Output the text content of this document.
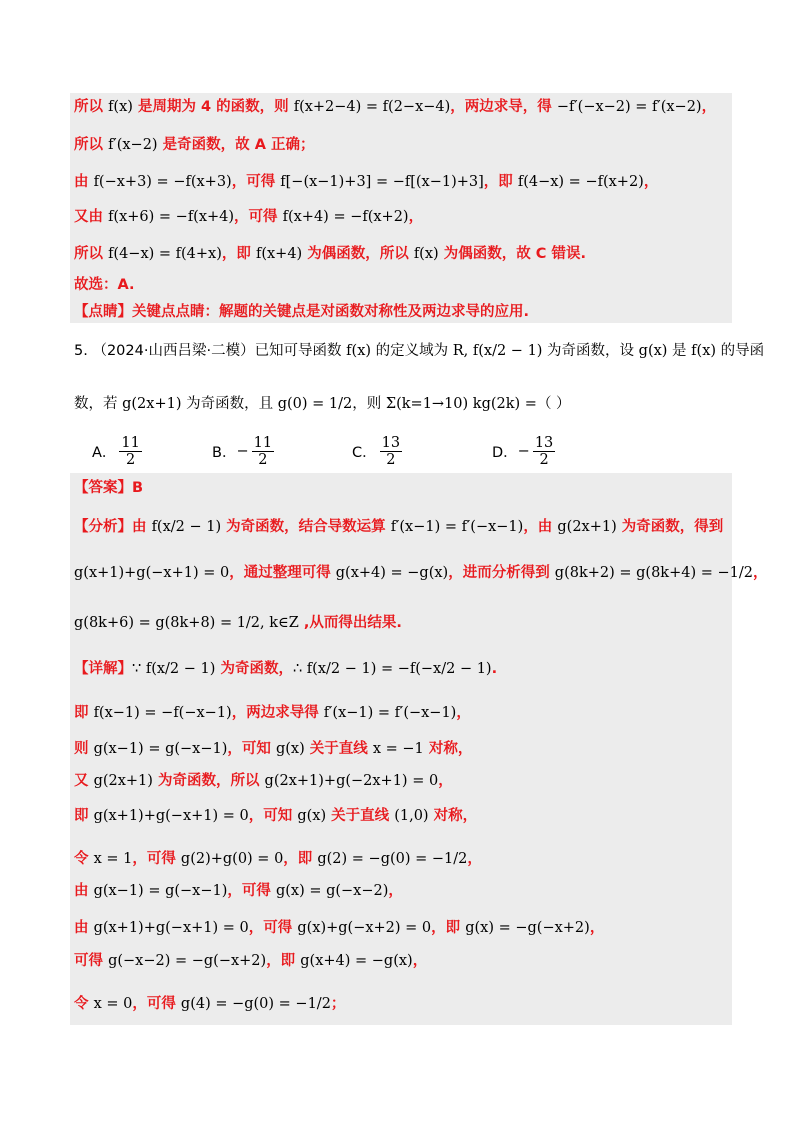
所以 f(x) 是周期为 4 的函数，则 f(x+2−4) = f(2−x−4)，两边求导，得 −f′(−x−2) = f′(x−2)，
所以 f′(x−2) 是奇函数，故 A 正确；
由 f(−x+3) = −f(x+3)，可得 f[−(x−1)+3] = −f[(x−1)+3]，即 f(4−x) = −f(x+2)，
又由 f(x+6) = −f(x+4)，可得 f(x+4) = −f(x+2)，
所以 f(4−x) = f(4+x)，即 f(x+4) 为偶函数，所以 f(x) 为偶函数，故 C 错误.
故选：A.
【点睛】关键点点睛：解题的关键点是对函数对称性及两边求导的应用.
5. （2024·山西吕梁·二模）已知可导函数 f(x) 的定义域为 R, f(x/2 − 1) 为奇函数，设 g(x) 是 f(x) 的导函
数，若 g(2x+1) 为奇函数，且 g(0) = 1/2，则 Σ(k=1→10) kg(2k) =（ ）
A． $\frac{11}{2}$	B．− $\frac{11}{2}$	C． $\frac{13}{2}$	D．− $\frac{13}{2}$
【答案】B
【分析】由 f(x/2 − 1) 为奇函数，结合导数运算 f′(x−1) = f′(−x−1)，由 g(2x+1) 为奇函数，得到
g(x+1)+g(−x+1) = 0，通过整理可得 g(x+4) = −g(x)，进而分析得到 g(8k+2) = g(8k+4) = −1/2，
g(8k+6) = g(8k+8) = 1/2, k∈Z ,从而得出结果.
【详解】∵ f(x/2 − 1) 为奇函数，∴ f(x/2 − 1) = −f(−x/2 − 1).
即 f(x−1) = −f(−x−1)，两边求导得 f′(x−1) = f′(−x−1)，
则 g(x−1) = g(−x−1)，可知 g(x) 关于直线 x = −1 对称，
又 g(2x+1) 为奇函数，所以 g(2x+1)+g(−2x+1) = 0，
即 g(x+1)+g(−x+1) = 0，可知 g(x) 关于直线 (1,0) 对称，
令 x = 1，可得 g(2)+g(0) = 0，即 g(2) = −g(0) = −1/2，
由 g(x−1) = g(−x−1)，可得 g(x) = g(−x−2)，
由 g(x+1)+g(−x+1) = 0，可得 g(x)+g(−x+2) = 0，即 g(x) = −g(−x+2)，
可得 g(−x−2) = −g(−x+2)，即 g(x+4) = −g(x)，
令 x = 0，可得 g(4) = −g(0) = −1/2；
